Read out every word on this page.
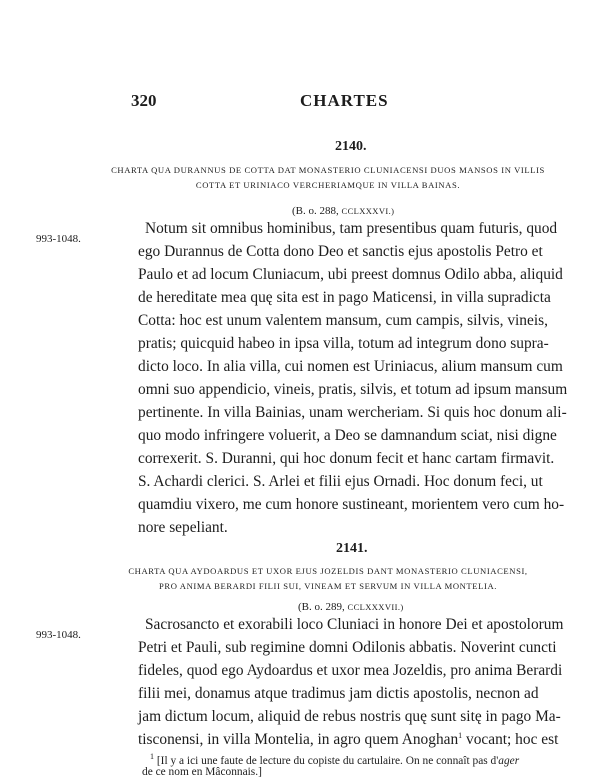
320	CHARTES
2140.
CHARTA QUA DURANNUS DE COTTA DAT MONASTERIO CLUNIACENSI DUOS MANSOS IN VILLIS
COTTA ET URINIACO VERCHERIAMQUE IN VILLA BAINAS.
(B. o. 288, CCLXXXVI.)
993-1048.
Notum sit omnibus hominibus, tam presentibus quam futuris, quod
ego Durannus de Cotta dono Deo et sanctis ejus apostolis Petro et
Paulo et ad locum Cluniacum, ubi preest domnus Odilo abba, aliquid
de hereditate mea quę sita est in pago Maticensi, in villa supradicta
Cotta: hoc est unum valentem mansum, cum campis, silvis, vineis,
pratis; quicquid habeo in ipsa villa, totum ad integrum dono supra-
dicto loco. In alia villa, cui nomen est Uriniacus, alium mansum cum
omni suo appendicio, vineis, pratis, silvis, et totum ad ipsum mansum
pertinente. In villa Bainias, unam wercheriam. Si quis hoc donum ali-
quo modo infringere voluerit, a Deo se damnandum sciat, nisi digne
correxerit. S. Duranni, qui hoc donum fecit et hanc cartam firmavit.
S. Achardi clerici. S. Arlei et filii ejus Ornadi. Hoc donum feci, ut
quamdiu vixero, me cum honore sustineant, morientem vero cum ho-
nore sepeliant.
2141.
CHARTA QUA AYDOARDUS ET UXOR EJUS JOZELDIS DANT MONASTERIO CLUNIACENSI,
PRO ANIMA BERARDI FILII SUI, VINEAM ET SERVUM IN VILLA MONTELIA.
(B. o. 289, CCLXXXVII.)
993-1048.
Sacrosancto et exorabili loco Cluniaci in honore Dei et apostolorum
Petri et Pauli, sub regimine domni Odilonis abbatis. Noverint cuncti
fideles, quod ego Aydoardus et uxor mea Jozeldis, pro anima Berardi
filii mei, donamus atque tradimus jam dictis apostolis, necnon ad
jam dictum locum, aliquid de rebus nostris quę sunt sitę in pago Ma-
tisconensi, in villa Montelia, in agro quem Anoghan$^1$ vocant; hoc est
$^1$ [Il y a ici une faute de lecture du copiste du cartulaire. On ne connaît pas d'ager
de ce nom en Mâconnais.]
